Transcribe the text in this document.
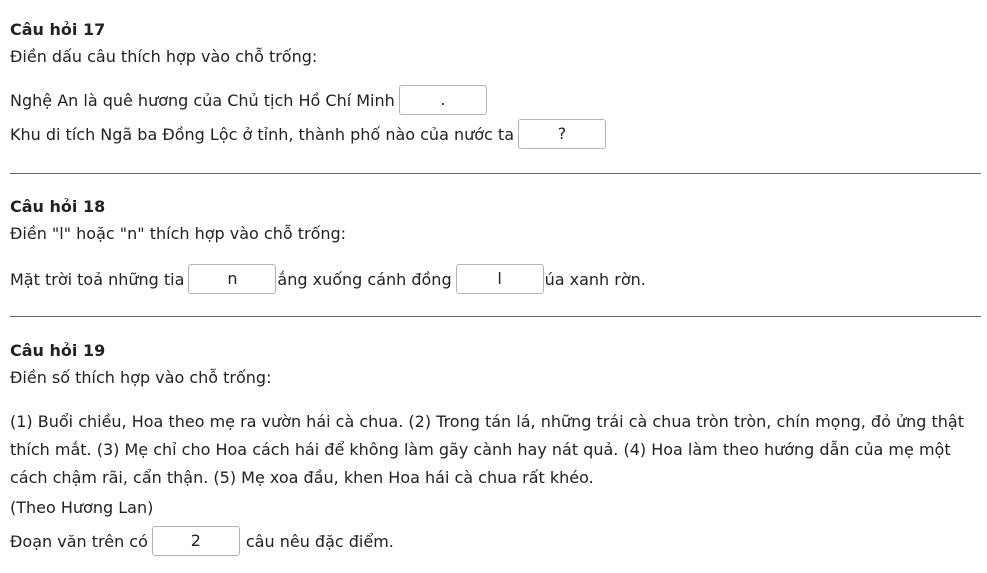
Câu hỏi 17

Điền dấu câu thích hợp vào chỗ trống:

Nghệ An là quê hương của Chủ tịch Hồ Chí Minh	.
Khu di tích Ngã ba Đồng Lộc ở tỉnh, thành phố nào của nước ta	?

Câu hỏi 18

Điền "l" hoặc "n" thích hợp vào chỗ trống:

Mặt trời toả những tia	n	ắng xuống cánh đồng	l	úa xanh rờn.

Câu hỏi 19

Điền số thích hợp vào chỗ trống:

(1) Buổi chiều, Hoa theo mẹ ra vườn hái cà chua. (2) Trong tán lá, những trái cà chua tròn tròn, chín mọng, đỏ ửng thật thích mắt. (3) Mẹ chỉ cho Hoa cách hái để không làm gãy cành hay nát quả. (4) Hoa làm theo hướng dẫn của mẹ một cách chậm rãi, cẩn thận. (5) Mẹ xoa đầu, khen Hoa hái cà chua rất khéo.

(Theo Hương Lan)

Đoạn văn trên có	2	câu nêu đặc điểm.
